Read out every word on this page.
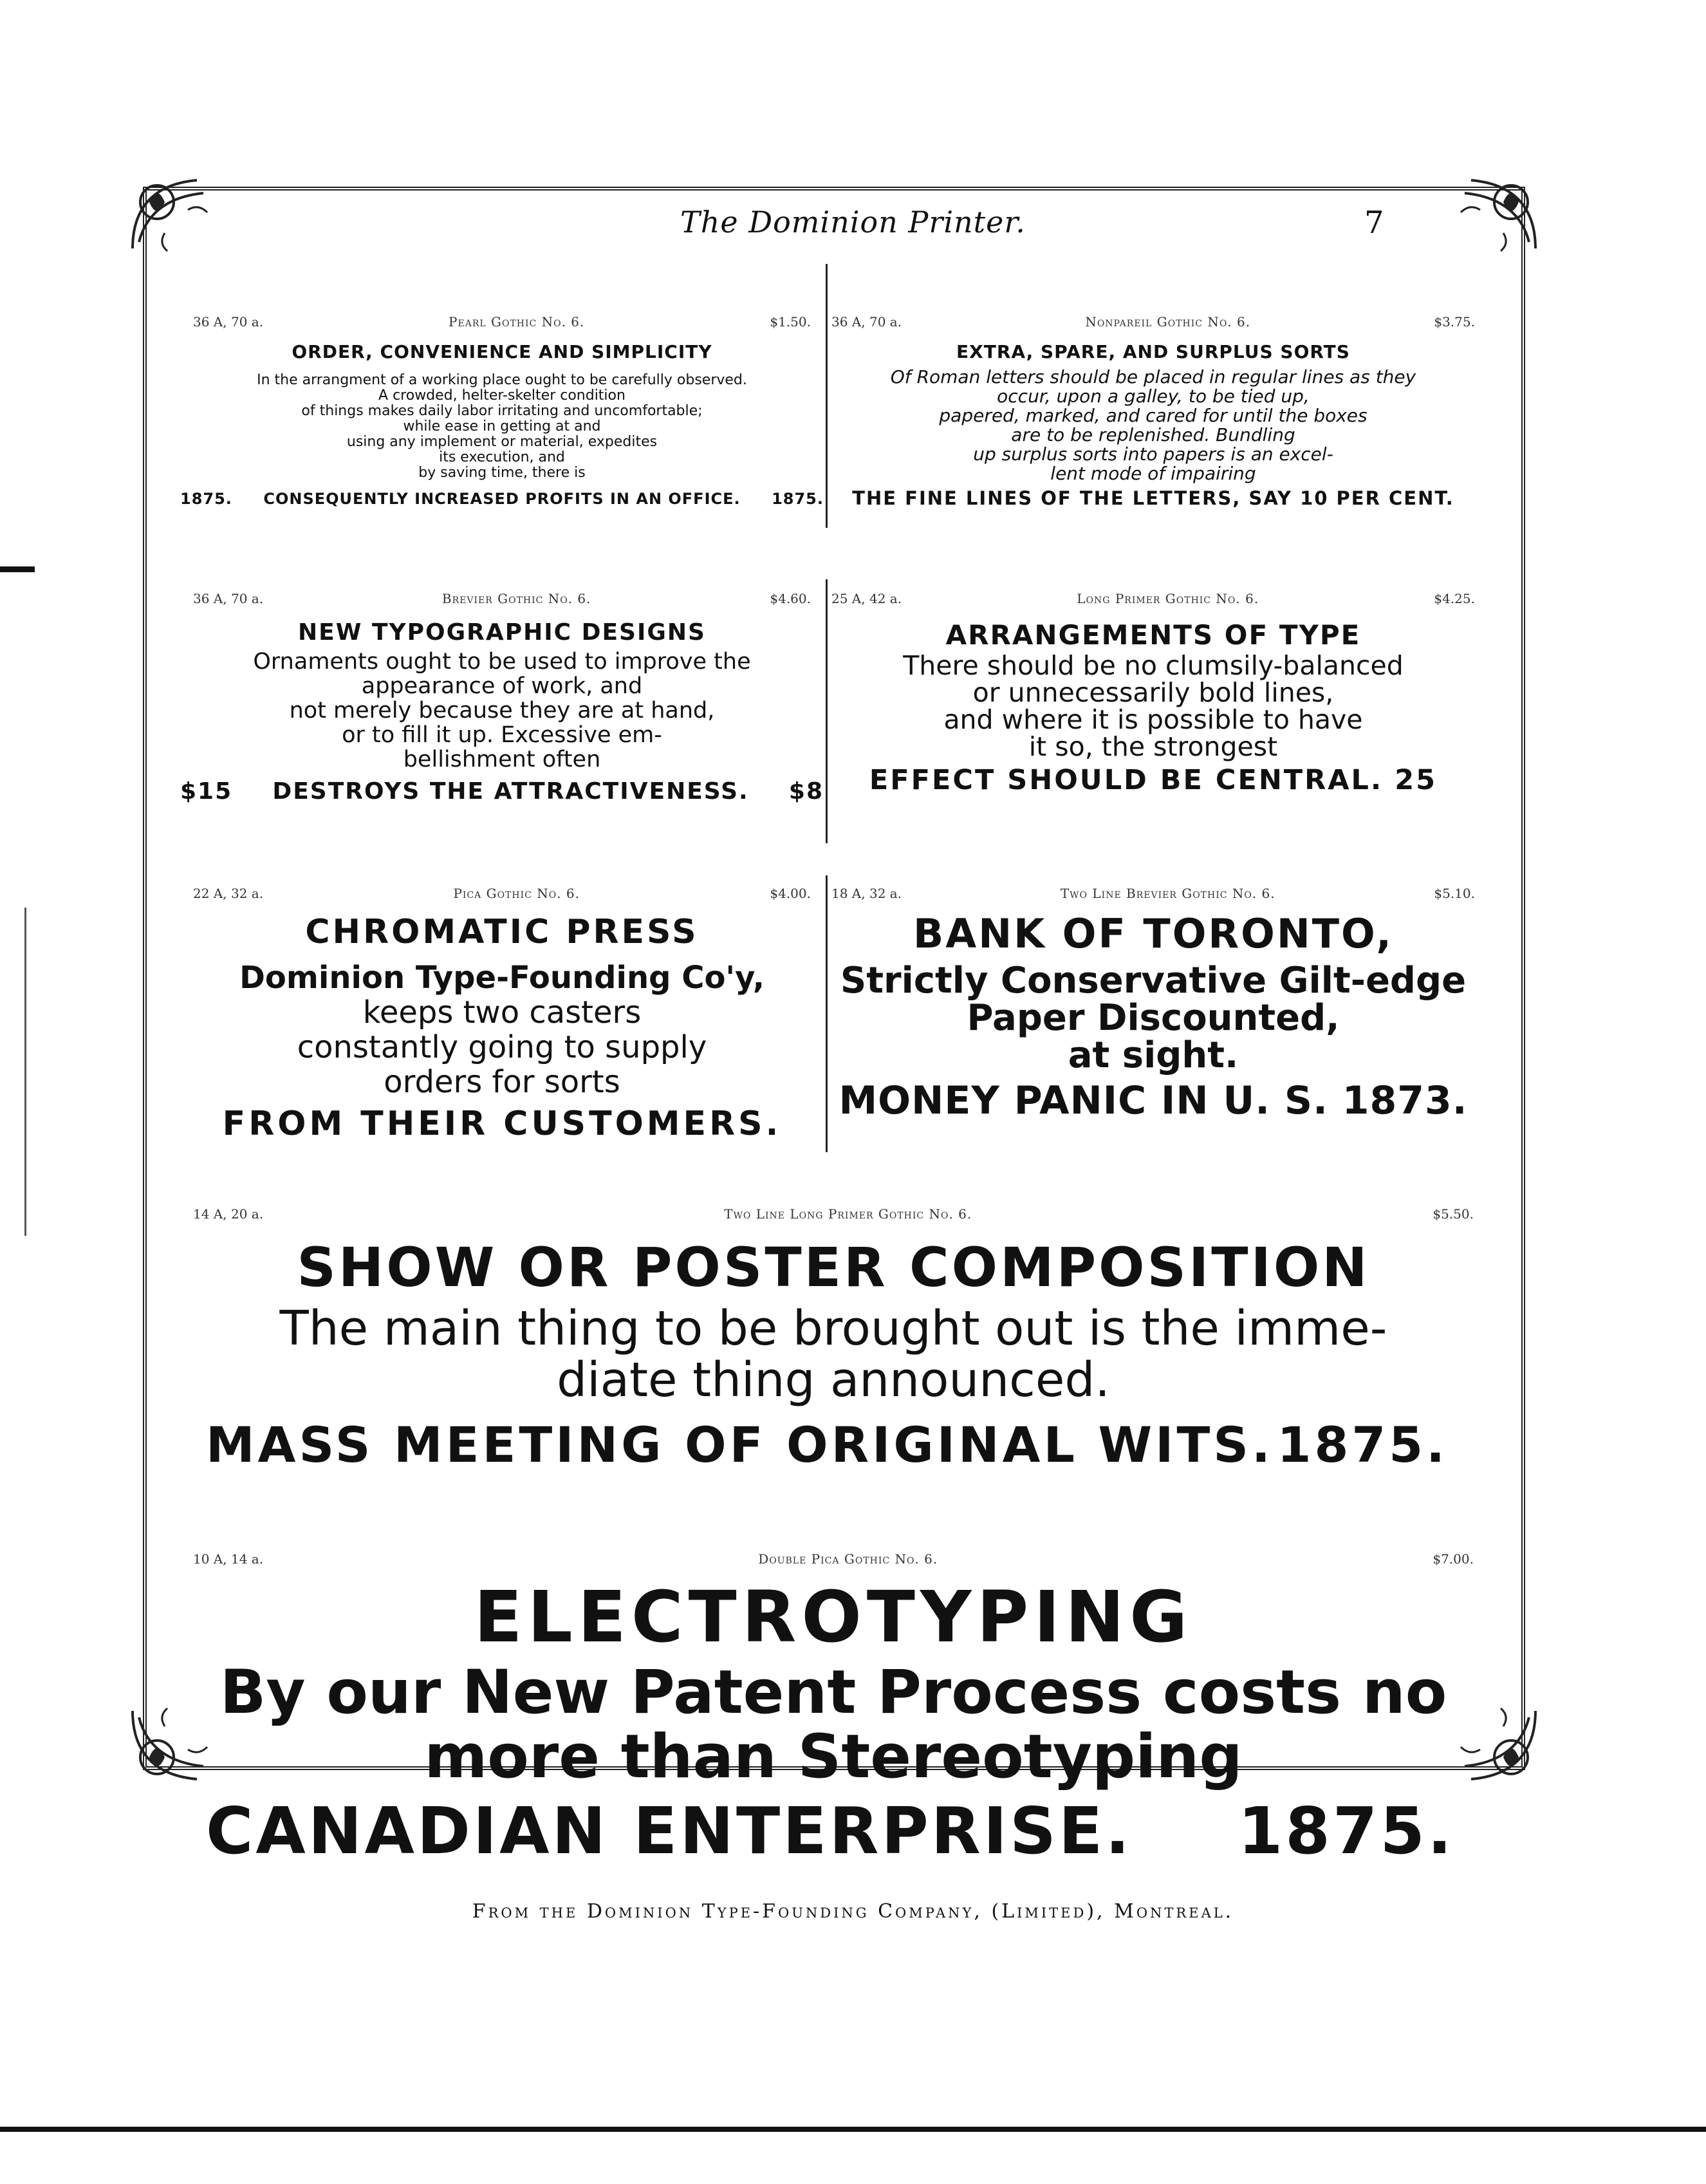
The Dominion Printer.	7
36 A, 70 a.	Pearl Gothic No. 6.	$1.50.
ORDER, CONVENIENCE AND SIMPLICITY
In the arrangment of a working place ought to be carefully observed.
A crowded, helter-skelter condition
of things makes daily labor irritating and uncomfortable;
while ease in getting at and
using any implement or material, expedites
its execution, and
by saving time, there is
1875. CONSEQUENTLY INCREASED PROFITS IN AN OFFICE. 1875.
36 A, 70 a.	Nonpareil Gothic No. 6.	$3.75.
EXTRA, SPARE, AND SURPLUS SORTS
Of Roman letters should be placed in regular lines as they
occur, upon a galley, to be tied up,
papered, marked, and cared for until the boxes
are to be replenished. Bundling
up surplus sorts into papers is an excel-
lent mode of impairing
THE FINE LINES OF THE LETTERS, SAY 10 PER CENT.
36 A, 70 a.	Brevier Gothic No. 6.	$4.60.
NEW TYPOGRAPHIC DESIGNS
Ornaments ought to be used to improve the
appearance of work, and
not merely because they are at hand,
or to fill it up. Excessive em-
bellishment often
$15 DESTROYS THE ATTRACTIVENESS. $8
25 A, 42 a.	Long Primer Gothic No. 6.	$4.25.
ARRANGEMENTS OF TYPE
There should be no clumsily-balanced
or unnecessarily bold lines,
and where it is possible to have
it so, the strongest
EFFECT SHOULD BE CENTRAL. 25
22 A, 32 a.	Pica Gothic No. 6.	$4.00.
CHROMATIC PRESS
Dominion Type-Founding Co'y,
keeps two casters
constantly going to supply
orders for sorts
FROM THEIR CUSTOMERS.
18 A, 32 a.	Two Line Brevier Gothic No. 6.	$5.10.
BANK OF TORONTO,
Strictly Conservative Gilt-edge
Paper Discounted,
at sight.
MONEY PANIC IN U. S. 1873.
14 A, 20 a.	Two Line Long Primer Gothic No. 6.	$5.50.
SHOW OR POSTER COMPOSITION
The main thing to be brought out is the imme-
diate thing announced.
MASS MEETING OF ORIGINAL WITS. 1875.
10 A, 14 a.	Double Pica Gothic No. 6.	$7.00.
ELECTROTYPING
By our New Patent Process costs no
more than Stereotyping
CANADIAN ENTERPRISE. 1875.
From the Dominion Type-Founding Company, (Limited), Montreal.
